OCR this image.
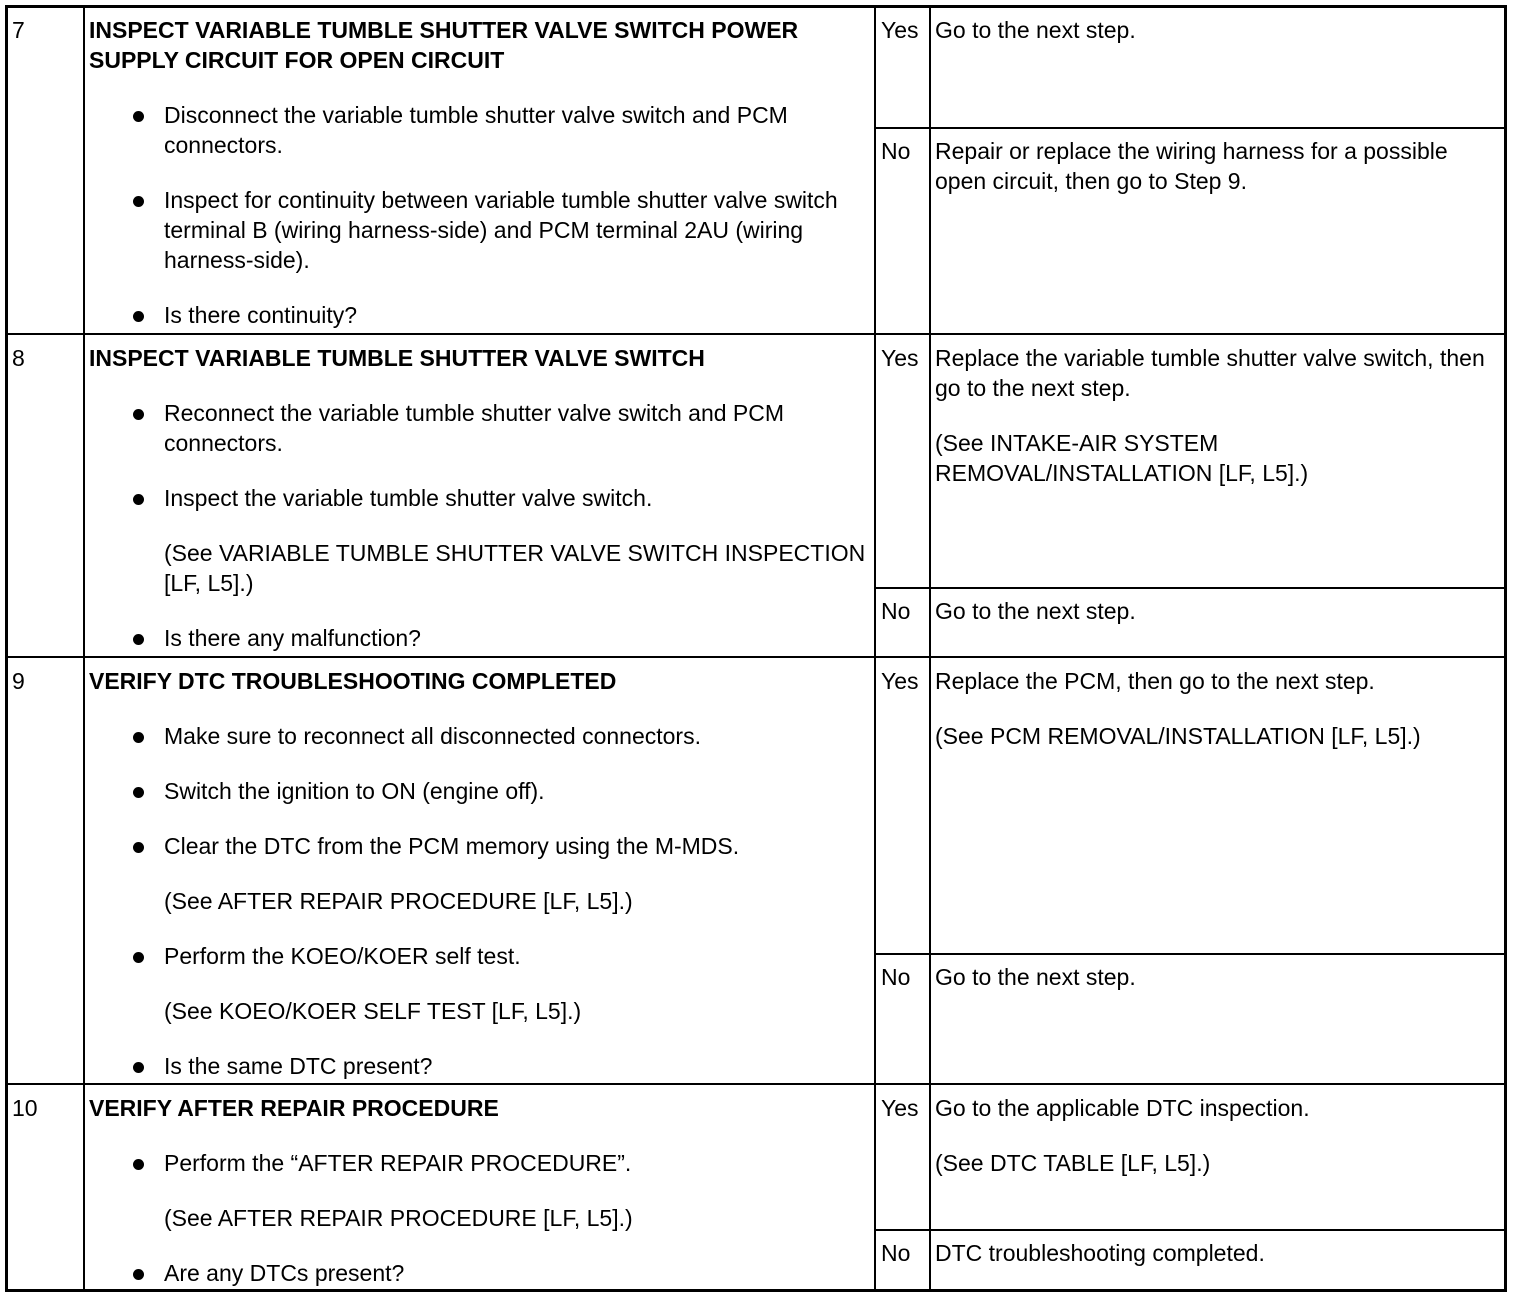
7	INSPECT VARIABLE TUMBLE SHUTTER VALVE SWITCH POWER SUPPLY CIRCUIT FOR OPEN CIRCUIT
Disconnect the variable tumble shutter valve switch and PCM connectors.
Inspect for continuity between variable tumble shutter valve switch terminal B (wiring harness-side) and PCM terminal 2AU (wiring harness-side).
Is there continuity?
Yes Go to the next step.
No Repair or replace the wiring harness for a possible open circuit, then go to Step 9.
8	INSPECT VARIABLE TUMBLE SHUTTER VALVE SWITCH
Reconnect the variable tumble shutter valve switch and PCM connectors.
Inspect the variable tumble shutter valve switch.
(See VARIABLE TUMBLE SHUTTER VALVE SWITCH INSPECTION [LF, L5].)
Is there any malfunction?
Yes Replace the variable tumble shutter valve switch, then go to the next step.
(See INTAKE-AIR SYSTEM REMOVAL/INSTALLATION [LF, L5].)
No Go to the next step.
9	VERIFY DTC TROUBLESHOOTING COMPLETED
Make sure to reconnect all disconnected connectors.
Switch the ignition to ON (engine off).
Clear the DTC from the PCM memory using the M-MDS.
(See AFTER REPAIR PROCEDURE [LF, L5].)
Perform the KOEO/KOER self test.
(See KOEO/KOER SELF TEST [LF, L5].)
Is the same DTC present?
Yes Replace the PCM, then go to the next step.
(See PCM REMOVAL/INSTALLATION [LF, L5].)
No Go to the next step.
10 VERIFY AFTER REPAIR PROCEDURE
Perform the “AFTER REPAIR PROCEDURE”.
(See AFTER REPAIR PROCEDURE [LF, L5].)
Are any DTCs present?
Yes Go to the applicable DTC inspection.
(See DTC TABLE [LF, L5].)
No DTC troubleshooting completed.
